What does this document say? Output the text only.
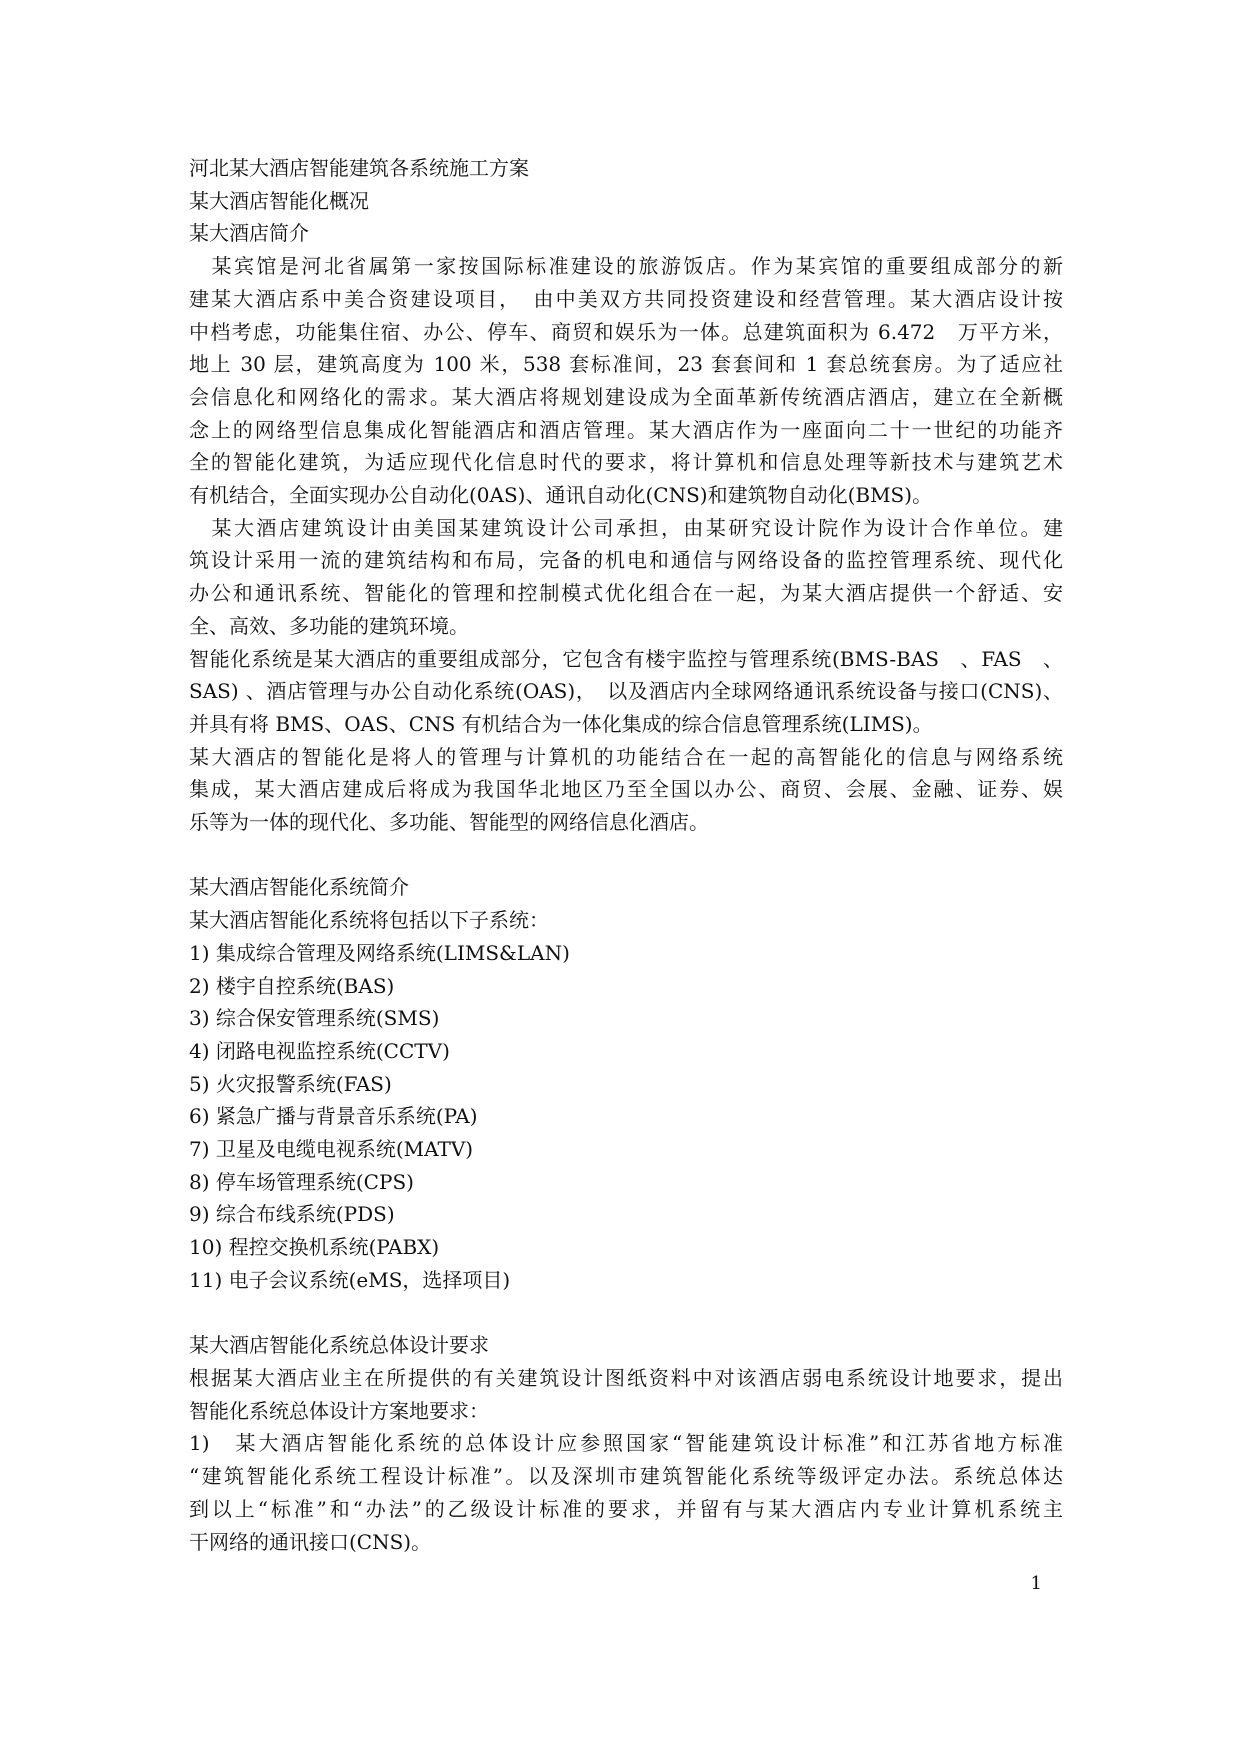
河北某大酒店智能建筑各系统施工方案
某大酒店智能化概况
某大酒店简介
　某宾馆是河北省属第一家按国际标准建设的旅游饭店。作为某宾馆的重要组成部分的新
建某大酒店系中美合资建设项目，　由中美双方共同投资建设和经营管理。某大酒店设计按
中档考虑，功能集住宿、办公、停车、商贸和娱乐为一体。总建筑面积为 6.472　万平方米，
地上 30 层，建筑高度为 100 米，538 套标准间，23 套套间和 1 套总统套房。为了适应社
会信息化和网络化的需求。某大酒店将规划建设成为全面革新传统酒店酒店，建立在全新概
念上的网络型信息集成化智能酒店和酒店管理。某大酒店作为一座面向二十一世纪的功能齐
全的智能化建筑，为适应现代化信息时代的要求，将计算机和信息处理等新技术与建筑艺术
有机结合，全面实现办公自动化(0AS)、通讯自动化(CNS)和建筑物自动化(BMS)。
　某大酒店建筑设计由美国某建筑设计公司承担，由某研究设计院作为设计合作单位。建
筑设计采用一流的建筑结构和布局，完备的机电和通信与网络设备的监控管理系统、现代化
办公和通讯系统、智能化的管理和控制模式优化组合在一起，为某大酒店提供一个舒适、安
全、高效、多功能的建筑环境。
智能化系统是某大酒店的重要组成部分，它包含有楼宇监控与管理系统(BMS-BAS　、FAS　、
SAS) 、酒店管理与办公自动化系统(OAS)，　以及酒店内全球网络通讯系统设备与接口(CNS)、
并具有将 BMS、OAS、CNS 有机结合为一体化集成的综合信息管理系统(LIMS)。
某大酒店的智能化是将人的管理与计算机的功能结合在一起的高智能化的信息与网络系统
集成，某大酒店建成后将成为我国华北地区乃至全国以办公、商贸、会展、金融、证券、娱
乐等为一体的现代化、多功能、智能型的网络信息化酒店。
某大酒店智能化系统简介
某大酒店智能化系统将包括以下子系统：
1) 集成综合管理及网络系统(LIMS&LAN)
2) 楼宇自控系统(BAS)
3) 综合保安管理系统(SMS)
4) 闭路电视监控系统(CCTV)
5) 火灾报警系统(FAS)
6) 紧急广播与背景音乐系统(PA)
7) 卫星及电缆电视系统(MATV)
8) 停车场管理系统(CPS)
9) 综合布线系统(PDS)
10) 程控交换机系统(PABX)
11) 电子会议系统(eMS，选择项目)
某大酒店智能化系统总体设计要求
根据某大酒店业主在所提供的有关建筑设计图纸资料中对该酒店弱电系统设计地要求，提出
智能化系统总体设计方案地要求：
1)　某大酒店智能化系统的总体设计应参照国家“智能建筑设计标准”和江苏省地方标准
“建筑智能化系统工程设计标准”。以及深圳市建筑智能化系统等级评定办法。系统总体达
到以上“标准”和“办法”的乙级设计标准的要求，并留有与某大酒店内专业计算机系统主
干网络的通讯接口(CNS)。
1
